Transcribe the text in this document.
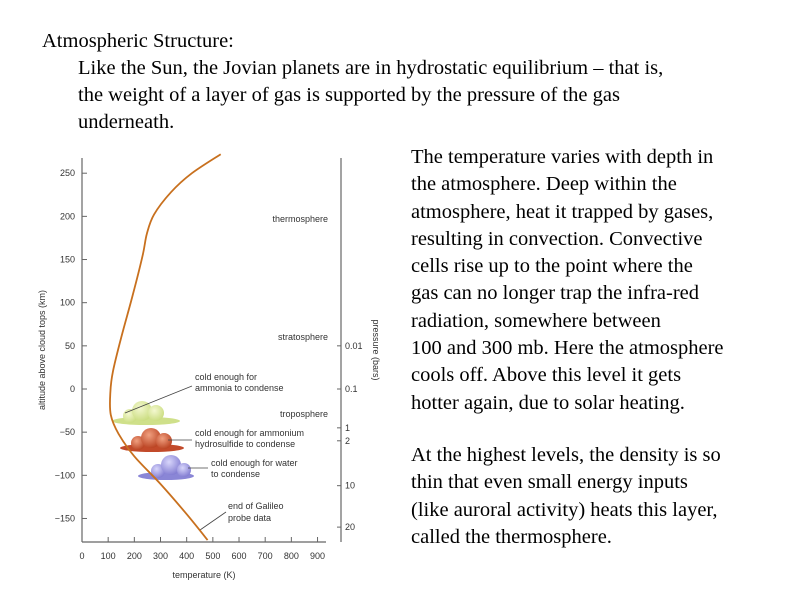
Atmospheric Structure:

Like the Sun, the Jovian planets are in hydrostatic equilibrium – that is,
the weight of a layer of gas is supported by the pressure of the gas
underneath.

The temperature varies with depth in
the atmosphere. Deep within the
atmosphere, heat it trapped by gases,
resulting in convection. Convective
cells rise up to the point where the
gas can no longer trap the infra-red
radiation, somewhere between
100 and 300 mb. Here the atmosphere
cools off. Above this level it gets
hotter again, due to solar heating.

At the highest levels, the density is so
thin that even small energy inputs
(like auroral activity) heats this layer,
called the thermosphere.

250
200
150
100
50
0
−50
−100
−150
0 100 200 300 400 500 600 700 800 900
0.01
0.1
1
2
10
20
thermosphere
stratosphere
troposphere
cold enough for
ammonia to condense
cold enough for ammonium
hydrosulfide to condense
cold enough for water
to condense
end of Galileo
probe data
temperature (K)
altitude above cloud tops (km)	pressure (bars)
